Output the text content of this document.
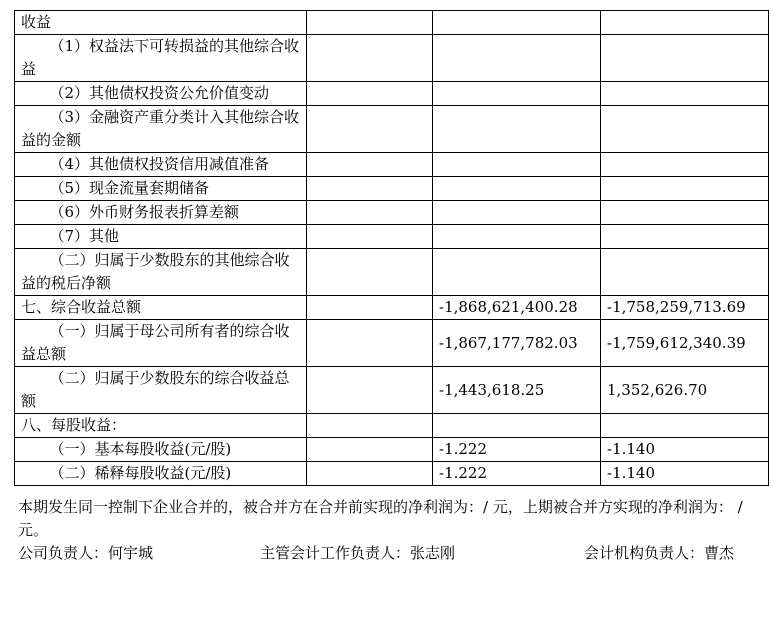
收益			
（1）权益法下可转损益的其他综合收益			
（2）其他债权投资公允价值变动			
（3）金融资产重分类计入其他综合收益的金额			
（4）其他债权投资信用减值准备			
（5）现金流量套期储备			
（6）外币财务报表折算差额			
（7）其他			
（二）归属于少数股东的其他综合收益的税后净额			
七、综合收益总额		-1,868,621,400.28	-1,758,259,713.69
（一）归属于母公司所有者的综合收益总额		-1,867,177,782.03	-1,759,612,340.39
（二）归属于少数股东的综合收益总额		-1,443,618.25	1,352,626.70
八、每股收益：			
（一）基本每股收益(元/股)		-1.222	-1.140
（二）稀释每股收益(元/股)		-1.222	-1.140
本期发生同一控制下企业合并的，被合并方在合并前实现的净利润为：/ 元，上期被合并方实现的净利润为： / 元。
公司负责人：何宇城	主管会计工作负责人：张志刚	会计机构负责人：曹杰
